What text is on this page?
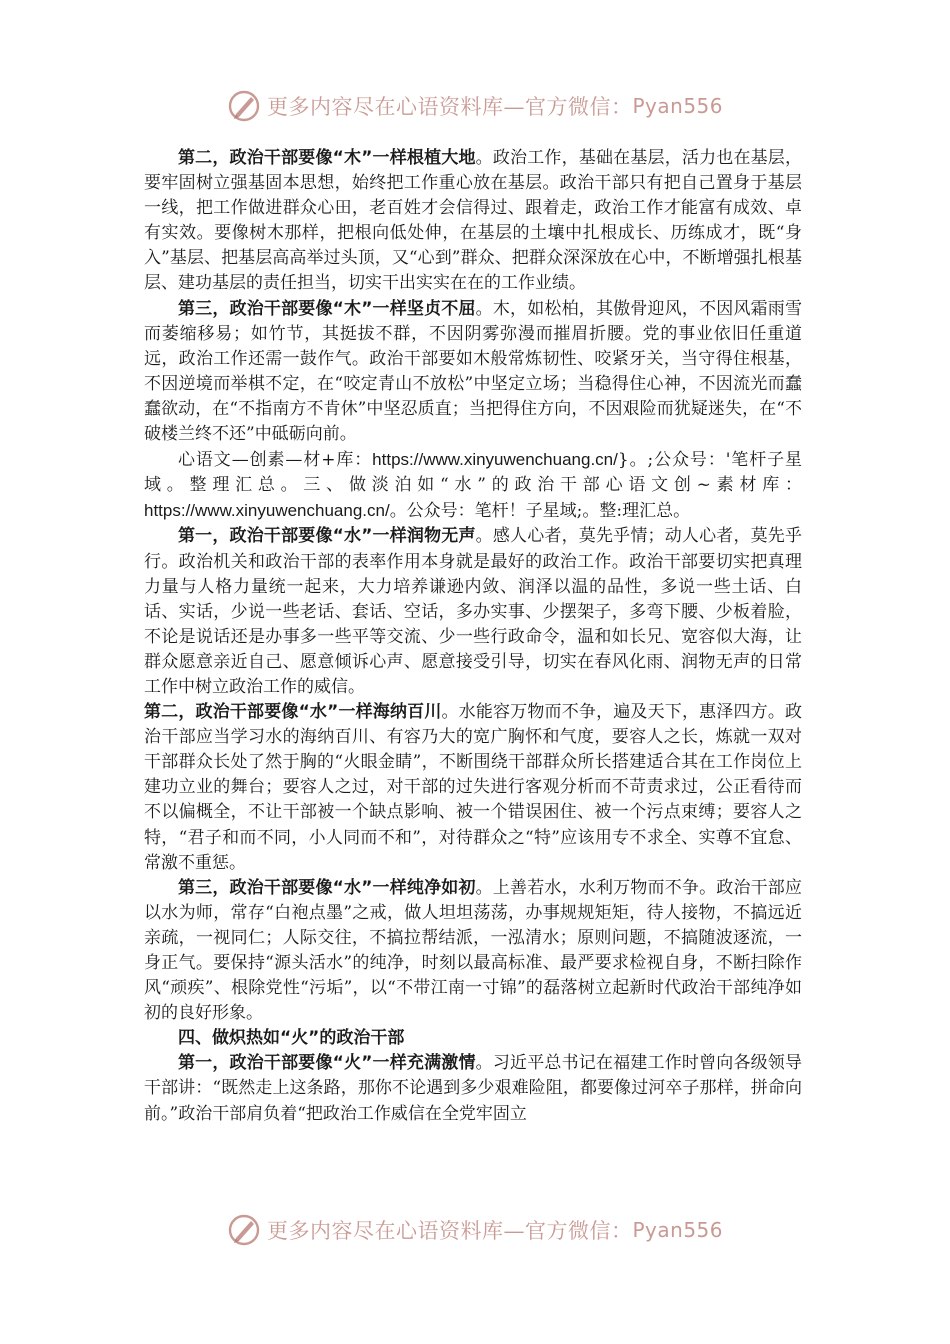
更多内容尽在心语资料库—官方微信： Pyan556

第二，政治干部要像“木”一样根植大地。政治工作，基础在基层，活力也在基层，要牢固树立强基固本思想，始终把工作重心放在基层。政治干部只有把自己置身于基层一线，把工作做进群众心田，老百姓才会信得过、跟着走，政治工作才能富有成效、卓有实效。要像树木那样，把根向低处伸，在基层的土壤中扎根成长、历练成才，既“身入”基层、把基层高高举过头顶，又“心到”群众、把群众深深放在心中，不断增强扎根基层、建功基层的责任担当，切实干出实实在在的工作业绩。

第三，政治干部要像“木”一样坚贞不屈。木，如松柏，其傲骨迎风，不因风霜雨雪而萎缩移易；如竹节，其挺拔不群，不因阴雾弥漫而摧眉折腰。党的事业依旧任重道远，政治工作还需一鼓作气。政治干部要如木般常炼韧性、咬紧牙关，当守得住根基，不因逆境而举棋不定，在“咬定青山不放松”中坚定立场；当稳得住心神，不因流光而蠢蠢欲动，在“不指南方不肯休”中坚忍质直；当把得住方向，不因艰险而犹疑迷失，在“不破楼兰终不还”中砥砺向前。

心语文—创素—材+库：https://www.xinyuwenchuang.cn/}。;公众号：'笔杆子星域。整理汇总。三、做淡泊如“水”的政治干部心语文创~素材库：https://www.xinyuwenchuang.cn/。公众号：笔杆！子星域;。整:理汇总。

第一，政治干部要像“水”一样润物无声。感人心者，莫先乎情；动人心者，莫先乎行。政治机关和政治干部的表率作用本身就是最好的政治工作。政治干部要切实把真理力量与人格力量统一起来，大力培养谦逊内敛、润泽以温的品性，多说一些土话、白话、实话，少说一些老话、套话、空话，多办实事、少摆架子，多弯下腰、少板着脸，不论是说话还是办事多一些平等交流、少一些行政命令，温和如长兄、宽容似大海，让群众愿意亲近自己、愿意倾诉心声、愿意接受引导，切实在春风化雨、润物无声的日常工作中树立政治工作的威信。

第二，政治干部要像“水”一样海纳百川。水能容万物而不争，遍及天下，惠泽四方。政治干部应当学习水的海纳百川、有容乃大的宽广胸怀和气度，要容人之长，炼就一双对干部群众长处了然于胸的“火眼金睛”，不断围绕干部群众所长搭建适合其在工作岗位上建功立业的舞台；要容人之过，对干部的过失进行客观分析而不苛责求过，公正看待而不以偏概全，不让干部被一个缺点影响、被一个错误困住、被一个污点束缚；要容人之特，“君子和而不同，小人同而不和”，对待群众之“特”应该用专不求全、实尊不宜怠、常激不重惩。

第三，政治干部要像“水”一样纯净如初。上善若水，水利万物而不争。政治干部应以水为师，常存“白袍点墨”之戒，做人坦坦荡荡，办事规规矩矩，待人接物，不搞远近亲疏，一视同仁；人际交往，不搞拉帮结派，一泓清水；原则问题，不搞随波逐流，一身正气。要保持“源头活水”的纯净，时刻以最高标准、最严要求检视自身，不断扫除作风“顽疾”、根除党性“污垢”，以“不带江南一寸锦”的磊落树立起新时代政治干部纯净如初的良好形象。

四、做炽热如“火”的政治干部

第一，政治干部要像“火”一样充满激情。习近平总书记在福建工作时曾向各级领导干部讲：“既然走上这条路，那你不论遇到多少艰难险阻，都要像过河卒子那样，拼命向前。”政治干部肩负着“把政治工作威信在全党牢固立

更多内容尽在心语资料库—官方微信： Pyan556
